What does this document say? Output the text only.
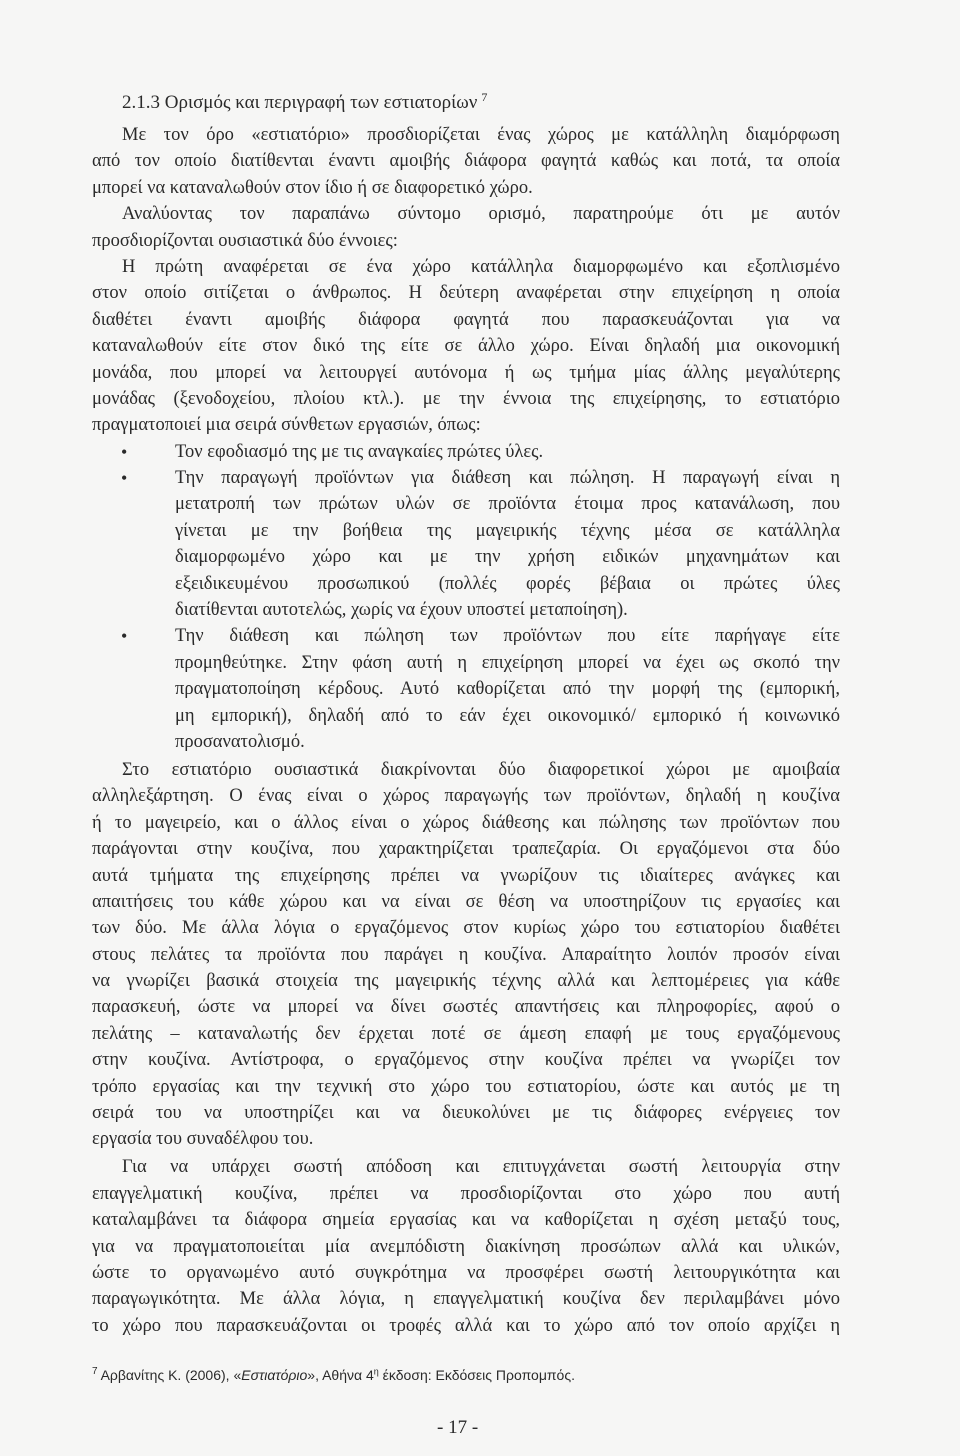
2.1.3 Ορισμός και περιγραφή των εστιατορίων $^7$
Με τον όρο «εστιατόριο» προσδιορίζεται ένας χώρος με κατάλληλη διαμόρφωση
από τον οποίο διατίθενται έναντι αμοιβής διάφορα φαγητά καθώς και ποτά, τα οποία
μπορεί να καταναλωθούν στον ίδιο ή σε διαφορετικό χώρο.
Αναλύοντας τον παραπάνω σύντομο ορισμό, παρατηρούμε ότι με αυτόν
προσδιορίζονται ουσιαστικά δύο έννοιες:
Η πρώτη αναφέρεται σε ένα χώρο κατάλληλα διαμορφωμένο και εξοπλισμένο
στον οποίο σιτίζεται ο άνθρωπος. Η δεύτερη αναφέρεται στην επιχείρηση η οποία
διαθέτει έναντι αμοιβής διάφορα φαγητά που παρασκευάζονται για να
καταναλωθούν είτε στον δικό της είτε σε άλλο χώρο. Είναι δηλαδή μια οικονομική
μονάδα, που μπορεί να λειτουργεί αυτόνομα ή ως τμήμα μίας άλλης μεγαλύτερης
μονάδας (ξενοδοχείου, πλοίου κτλ.). με την έννοια της επιχείρησης, το εστιατόριο
πραγματοποιεί μια σειρά σύνθετων εργασιών, όπως:
•
Τον εφοδιασμό της με τις αναγκαίες πρώτες ύλες.
•
Την παραγωγή προϊόντων για διάθεση και πώληση. Η παραγωγή είναι η
μετατροπή των πρώτων υλών σε προϊόντα έτοιμα προς κατανάλωση, που
γίνεται με την βοήθεια της μαγειρικής τέχνης μέσα σε κατάλληλα
διαμορφωμένο χώρο και με την χρήση ειδικών μηχανημάτων και
εξειδικευμένου προσωπικού (πολλές φορές βέβαια οι πρώτες ύλες
διατίθενται αυτοτελώς, χωρίς να έχουν υποστεί μεταποίηση).
•
Την διάθεση και πώληση των προϊόντων που είτε παρήγαγε είτε
προμηθεύτηκε. Στην φάση αυτή η επιχείρηση μπορεί να έχει ως σκοπό την
πραγματοποίηση κέρδους. Αυτό καθορίζεται από την μορφή της (εμπορική,
μη εμπορική), δηλαδή από το εάν έχει οικονομικό/ εμπορικό ή κοινωνικό
προσανατολισμό.
Στο εστιατόριο ουσιαστικά διακρίνονται δύο διαφορετικοί χώροι με αμοιβαία
αλληλεξάρτηση. Ο ένας είναι ο χώρος παραγωγής των προϊόντων, δηλαδή η κουζίνα
ή το μαγειρείο, και ο άλλος είναι ο χώρος διάθεσης και πώλησης των προϊόντων που
παράγονται στην κουζίνα, που χαρακτηρίζεται τραπεζαρία. Οι εργαζόμενοι στα δύο
αυτά τμήματα της επιχείρησης πρέπει να γνωρίζουν τις ιδιαίτερες ανάγκες και
απαιτήσεις του κάθε χώρου και να είναι σε θέση να υποστηρίζουν τις εργασίες και
των δύο. Με άλλα λόγια ο εργαζόμενος στον κυρίως χώρο του εστιατορίου διαθέτει
στους πελάτες τα προϊόντα που παράγει η κουζίνα. Απαραίτητο λοιπόν προσόν είναι
να γνωρίζει βασικά στοιχεία της μαγειρικής τέχνης αλλά και λεπτομέρειες για κάθε
παρασκευή, ώστε να μπορεί να δίνει σωστές απαντήσεις και πληροφορίες, αφού ο
πελάτης – καταναλωτής δεν έρχεται ποτέ σε άμεση επαφή με τους εργαζόμενους
στην κουζίνα. Αντίστροφα, ο εργαζόμενος στην κουζίνα πρέπει να γνωρίζει τον
τρόπο εργασίας και την τεχνική στο χώρο του εστιατορίου, ώστε και αυτός με τη
σειρά του να υποστηρίζει και να διευκολύνει με τις διάφορες ενέργειες τον
εργασία του συναδέλφου του.
Για να υπάρχει σωστή απόδοση και επιτυγχάνεται σωστή λειτουργία στην
επαγγελματική κουζίνα, πρέπει να προσδιορίζονται στο χώρο που αυτή
καταλαμβάνει τα διάφορα σημεία εργασίας και να καθορίζεται η σχέση μεταξύ τους,
για να πραγματοποιείται μία ανεμπόδιστη διακίνηση προσώπων αλλά και υλικών,
ώστε το οργανωμένο αυτό συγκρότημα να προσφέρει σωστή λειτουργικότητα και
παραγωγικότητα. Με άλλα λόγια, η επαγγελματική κουζίνα δεν περιλαμβάνει μόνο
το χώρο που παρασκευάζονται οι τροφές αλλά και το χώρο από τον οποίο αρχίζει η
$^7$ Αρβανίτης Κ. (2006), «Εστιατόριο», Αθήνα 4$^\eta$ έκδοση: Εκδόσεις Προπομπός.
- 17 -
